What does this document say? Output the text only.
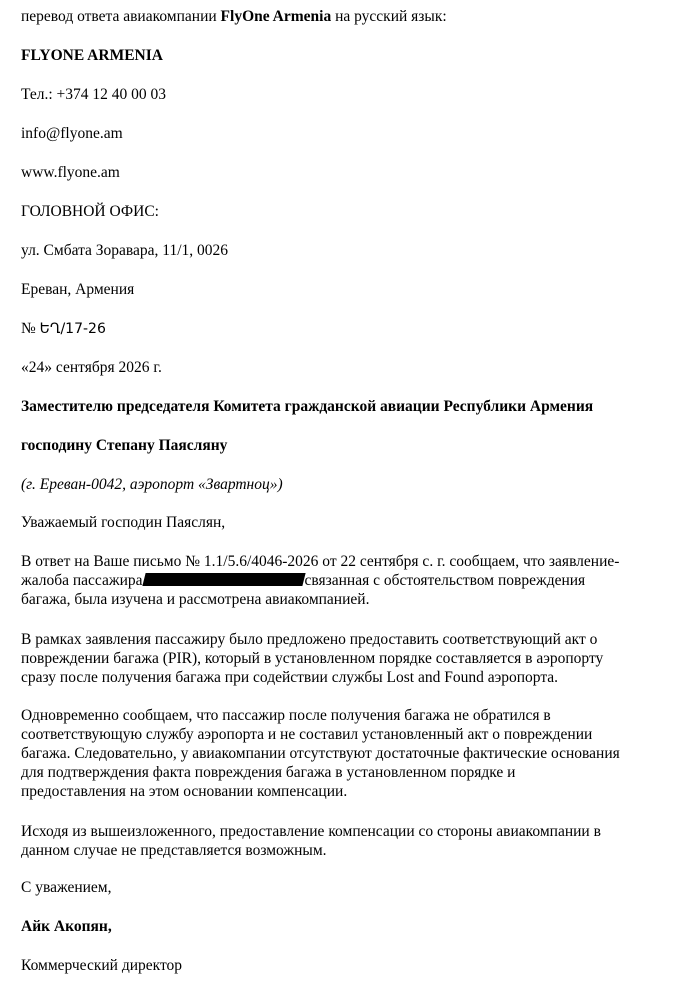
перевод ответа авиакомпании FlyOne Armenia на русский язык:
FLYONE ARMENIA
Тел.: +374 12 40 00 03
info@flyone.am
www.flyone.am
ГОЛОВНОЙ ОФИС:
ул. Смбата Зоравара, 11/1, 0026
Ереван, Армения
№ ԵՂ/17-26
«24» сентября 2026 г.
Заместителю председателя Комитета гражданской авиации Республики Армения
господину Степану Паясляну
(г. Ереван-0042, аэропорт «Звартноц»)
Уважаемый господин Паяслян,
В ответ на Ваше письмо № 1.1/5.6/4046-2026 от 22 сентября с. г. сообщаем, что заявление-
жалоба пассажира	связанная с обстоятельством повреждения
багажа, была изучена и рассмотрена авиакомпанией.
В рамках заявления пассажиру было предложено предоставить соответствующий акт о
повреждении багажа (PIR), который в установленном порядке составляется в аэропорту
сразу после получения багажа при содействии службы Lost and Found аэропорта.
Одновременно сообщаем, что пассажир после получения багажа не обратился в
соответствующую службу аэропорта и не составил установленный акт о повреждении
багажа. Следовательно, у авиакомпании отсутствуют достаточные фактические основания
для подтверждения факта повреждения багажа в установленном порядке и
предоставления на этом основании компенсации.
Исходя из вышеизложенного, предоставление компенсации со стороны авиакомпании в
данном случае не представляется возможным.
С уважением,
Айк Акопян,
Коммерческий директор
